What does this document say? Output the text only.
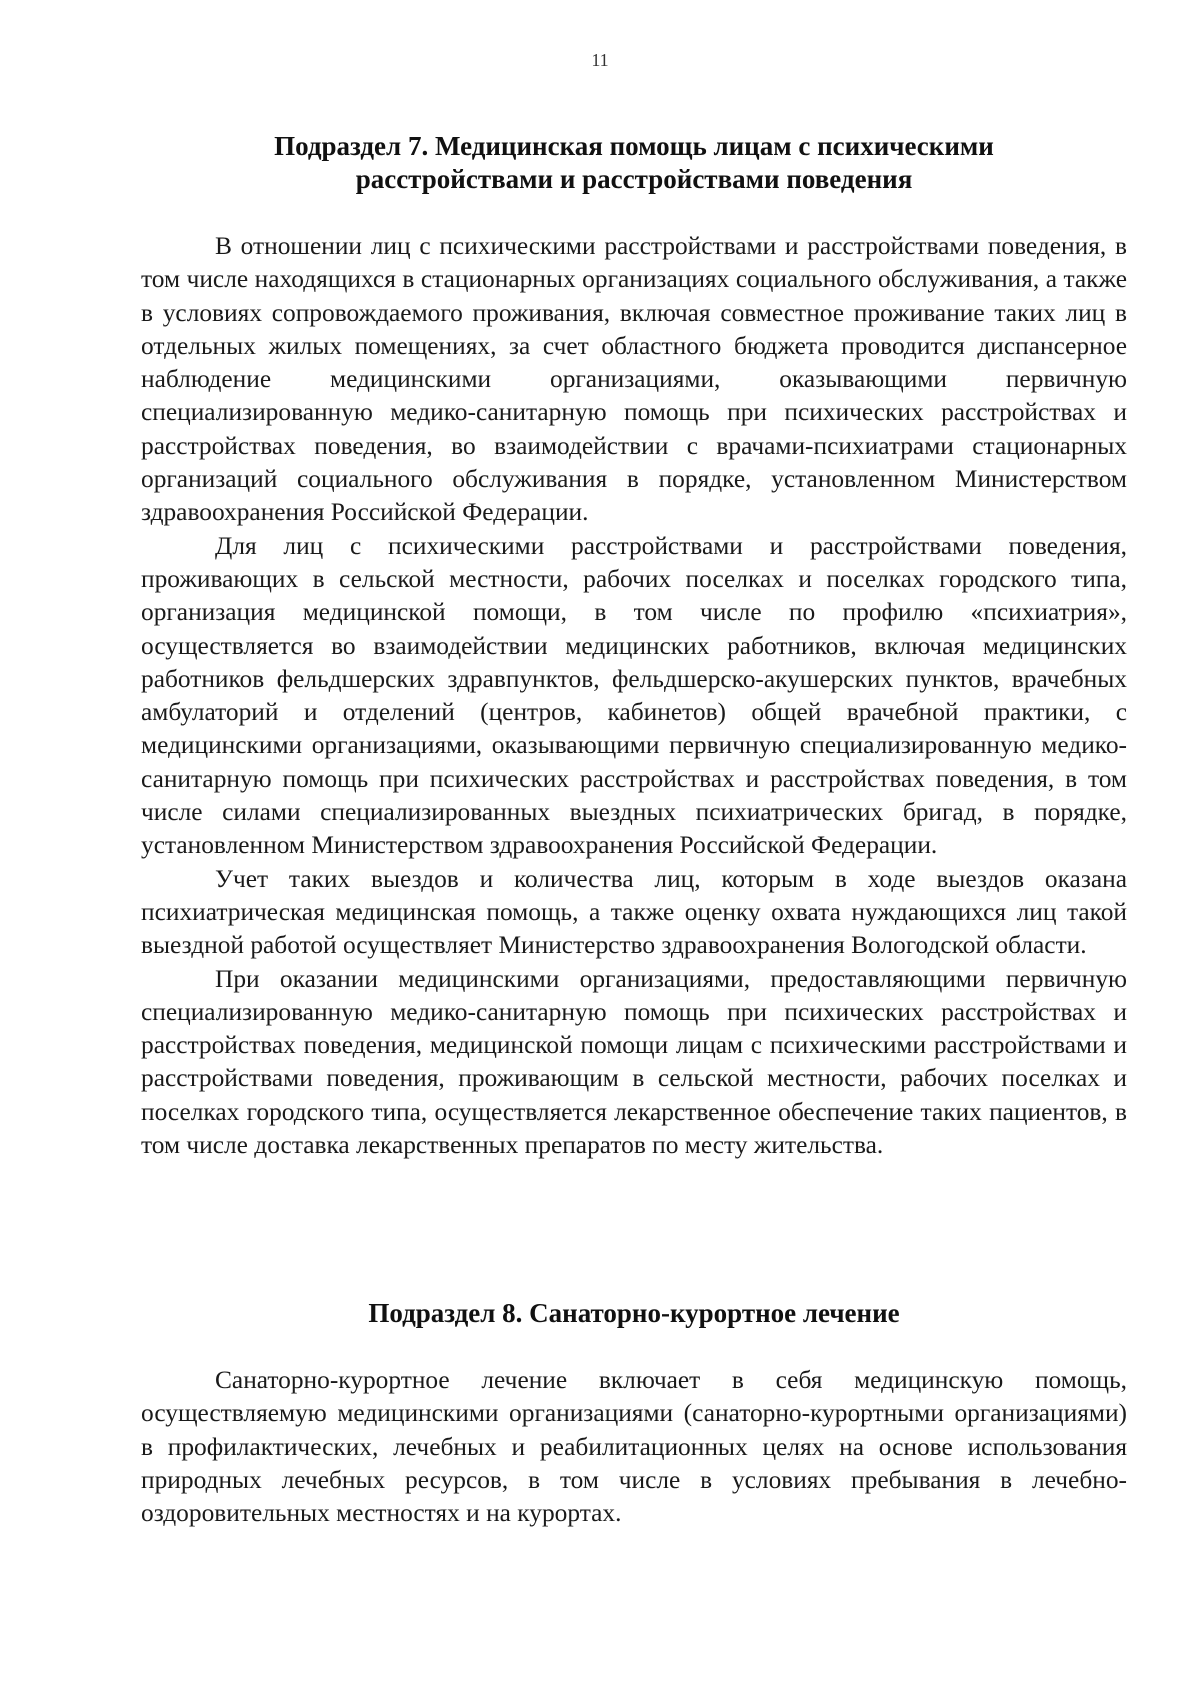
11
Подраздел 7. Медицинская помощь лицам с психическими
расстройствами и расстройствами поведения

В отношении лиц с психическими расстройствами и расстройствами поведения, в том числе находящихся в стационарных организациях социального обслуживания, а также в условиях сопровождаемого проживания, включая совместное проживание таких лиц в отдельных жилых помещениях, за счет областного бюджета проводится диспансерное наблюдение медицинскими организациями, оказывающими первичную специализированную медико-санитарную помощь при психических расстройствах и расстройствах поведения, во взаимодействии с врачами-психиатрами стационарных организаций социального обслуживания в порядке, установленном Министерством здравоохранения Российской Федерации.

Для лиц с психическими расстройствами и расстройствами поведения, проживающих в сельской местности, рабочих поселках и поселках городского типа, организация медицинской помощи, в том числе по профилю «психиатрия», осуществляется во взаимодействии медицинских работников, включая медицинских работников фельдшерских здравпунктов, фельдшерско-акушерских пунктов, врачебных амбулаторий и отделений (центров, кабинетов) общей врачебной практики, с медицинскими организациями, оказывающими первичную специализированную медико-санитарную помощь при психических расстройствах и расстройствах поведения, в том числе силами специализированных выездных психиатрических бригад, в порядке, установленном Министерством здравоохранения Российской Федерации.

Учет таких выездов и количества лиц, которым в ходе выездов оказана психиатрическая медицинская помощь, а также оценку охвата нуждающихся лиц такой выездной работой осуществляет Министерство здравоохранения Вологодской области.

При оказании медицинскими организациями, предоставляющими первичную специализированную медико-санитарную помощь при психических расстройствах и расстройствах поведения, медицинской помощи лицам с психическими расстройствами и расстройствами поведения, проживающим в сельской местности, рабочих поселках и поселках городского типа, осуществляется лекарственное обеспечение таких пациентов, в том числе доставка лекарственных препаратов по месту жительства.

Подраздел 8. Санаторно-курортное лечение

Санаторно-курортное лечение включает в себя медицинскую помощь, осуществляемую медицинскими организациями (санаторно-курортными организациями) в профилактических, лечебных и реабилитационных целях на основе использования природных лечебных ресурсов, в том числе в условиях пребывания в лечебно-оздоровительных местностях и на курортах.
